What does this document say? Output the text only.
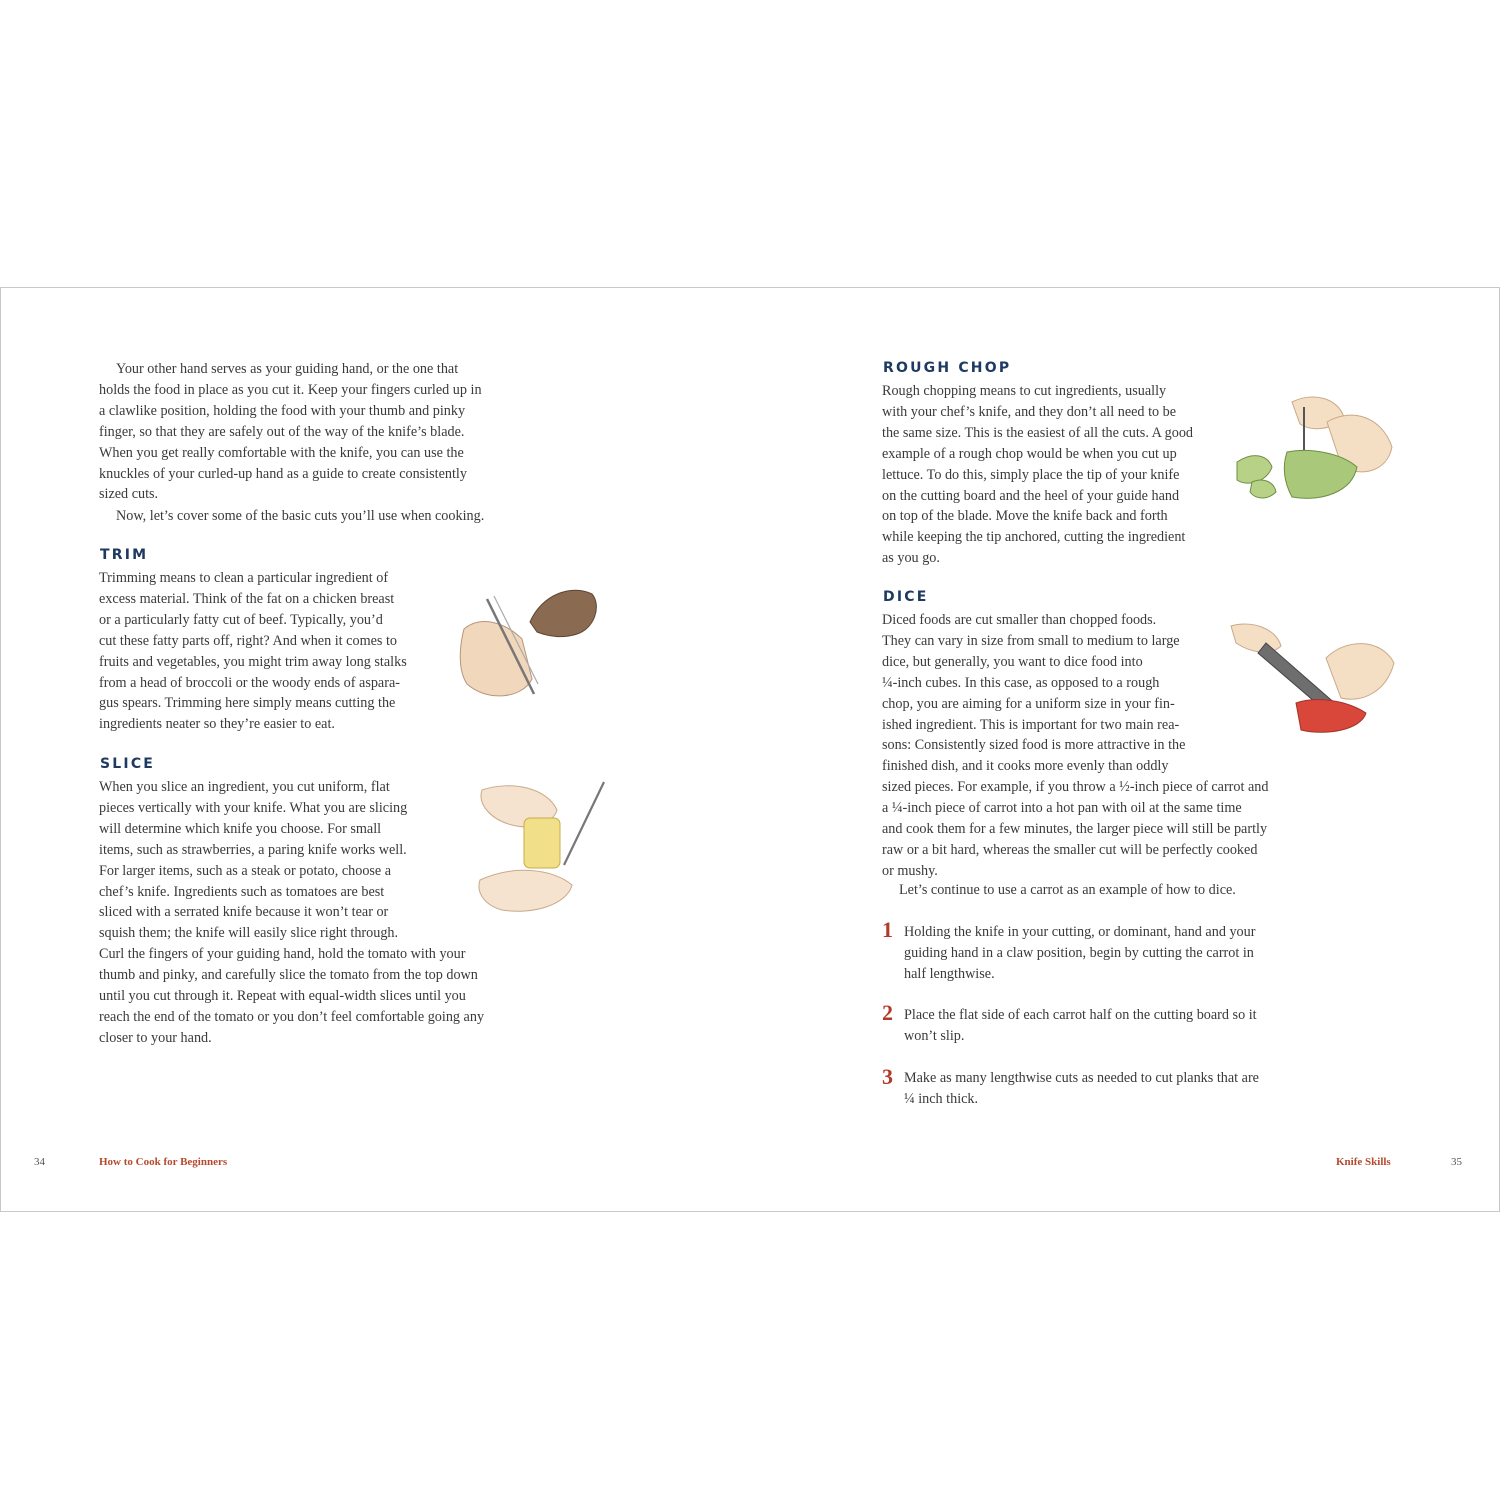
Your other hand serves as your guiding hand, or the one that
holds the food in place as you cut it. Keep your fingers curled up in
a clawlike position, holding the food with your thumb and pinky
finger, so that they are safely out of the way of the knife’s blade.
When you get really comfortable with the knife, you can use the
knuckles of your curled-up hand as a guide to create consistently
sized cuts.

Now, let’s cover some of the basic cuts you’ll use when cooking.

TRIM

Trimming means to clean a particular ingredient of
excess material. Think of the fat on a chicken breast
or a particularly fatty cut of beef. Typically, you’d
cut these fatty parts off, right? And when it comes to
fruits and vegetables, you might trim away long stalks
from a head of broccoli or the woody ends of aspara-
gus spears. Trimming here simply means cutting the
ingredients neater so they’re easier to eat.

SLICE

When you slice an ingredient, you cut uniform, flat
pieces vertically with your knife. What you are slicing
will determine which knife you choose. For small
items, such as strawberries, a paring knife works well.
For larger items, such as a steak or potato, choose a
chef’s knife. Ingredients such as tomatoes are best
sliced with a serrated knife because it won’t tear or
squish them; the knife will easily slice right through.
Curl the fingers of your guiding hand, hold the tomato with your
thumb and pinky, and carefully slice the tomato from the top down
until you cut through it. Repeat with equal-width slices until you
reach the end of the tomato or you don’t feel comfortable going any
closer to your hand.

34	How to Cook for Beginners
ROUGH CHOP

Rough chopping means to cut ingredients, usually
with your chef’s knife, and they don’t all need to be
the same size. This is the easiest of all the cuts. A good
example of a rough chop would be when you cut up
lettuce. To do this, simply place the tip of your knife
on the cutting board and the heel of your guide hand
on top of the blade. Move the knife back and forth
while keeping the tip anchored, cutting the ingredient
as you go.

DICE

Diced foods are cut smaller than chopped foods.
They can vary in size from small to medium to large
dice, but generally, you want to dice food into
¼-inch cubes. In this case, as opposed to a rough
chop, you are aiming for a uniform size in your fin-
ished ingredient. This is important for two main rea-
sons: Consistently sized food is more attractive in the
finished dish, and it cooks more evenly than oddly
sized pieces. For example, if you throw a ½-inch piece of carrot and
a ¼-inch piece of carrot into a hot pan with oil at the same time
and cook them for a few minutes, the larger piece will still be partly
raw or a bit hard, whereas the smaller cut will be perfectly cooked
or mushy.

Let’s continue to use a carrot as an example of how to dice.

1 Holding the knife in your cutting, or dominant, hand and your
guiding hand in a claw position, begin by cutting the carrot in
half lengthwise.

2 Place the flat side of each carrot half on the cutting board so it
won’t slip.

3 Make as many lengthwise cuts as needed to cut planks that are
¼ inch thick.

Knife Skills	35
